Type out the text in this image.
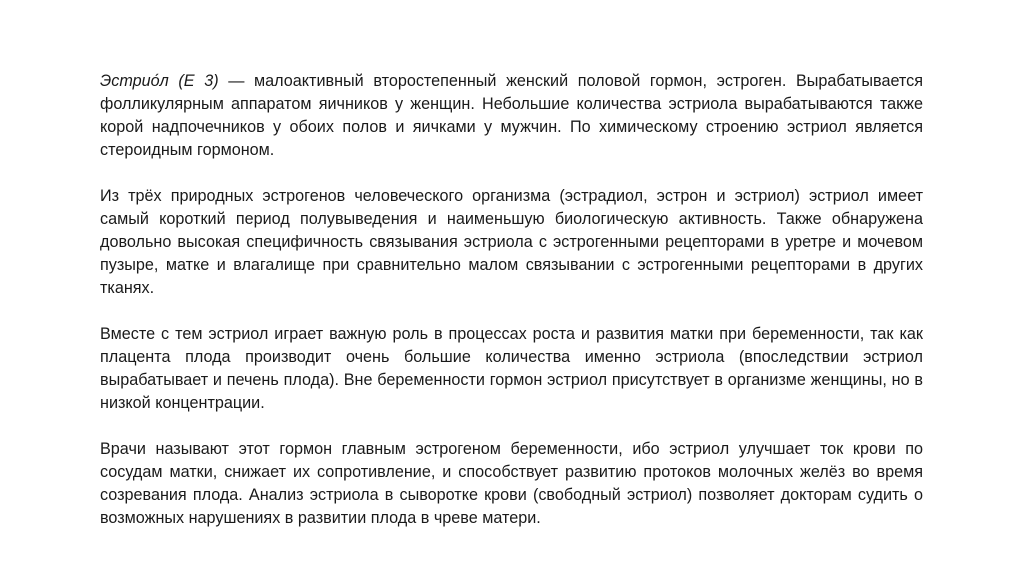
Эстрио́л (E 3) — малоактивный второстепенный женский половой гормон, эстроген. Вырабатывается фолликулярным аппаратом яичников у женщин. Небольшие количества эстриола вырабатываются также корой надпочечников у обоих полов и яичками у мужчин. По химическому строению эстриол является стероидным гормоном.

Из трёх природных эстрогенов человеческого организма (эстрадиол, эстрон и эстриол) эстриол имеет самый короткий период полувыведения и наименьшую биологическую активность. Также обнаружена довольно высокая специфичность связывания эстриола с эстрогенными рецепторами в уретре и мочевом пузыре, матке и влагалище при сравнительно малом связывании с эстрогенными рецепторами в других тканях.

Вместе с тем эстриол играет важную роль в процессах роста и развития матки при беременности, так как плацента плода производит очень большие количества именно эстриола (впоследствии эстриол вырабатывает и печень плода). Вне беременности гормон эстриол присутствует в организме женщины, но в низкой концентрации.

Врачи называют этот гормон главным эстрогеном беременности, ибо эстриол улучшает ток крови по сосудам матки, снижает их сопротивление, и способствует развитию протоков молочных желёз во время созревания плода. Анализ эстриола в сыворотке крови (свободный эстриол) позволяет докторам судить о возможных нарушениях в развитии плода в чреве матери.
